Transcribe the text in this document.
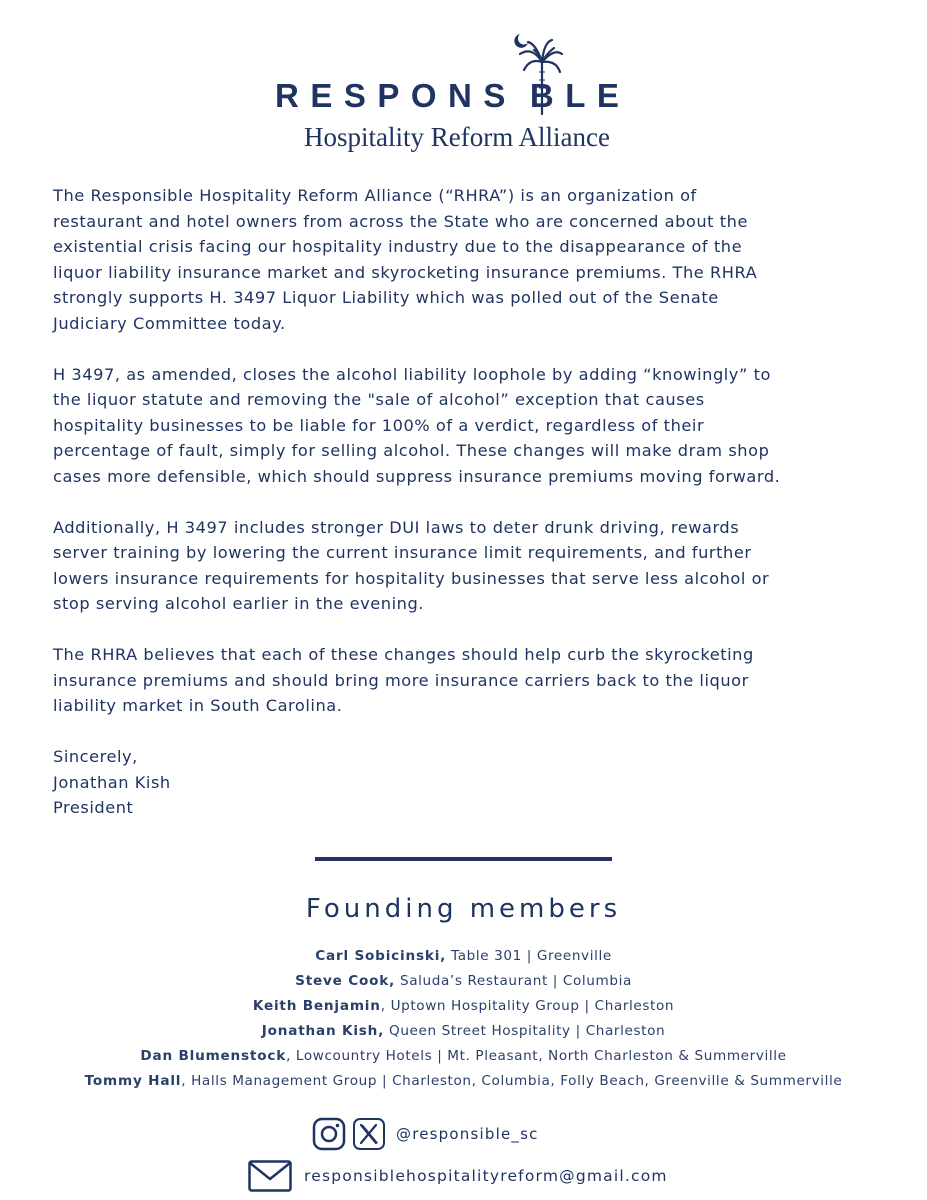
RESPONS BLE
Hospitality Reform Alliance

The Responsible Hospitality Reform Alliance (“RHRA”) is an organization of
restaurant and hotel owners from across the State who are concerned about the
existential crisis facing our hospitality industry due to the disappearance of the
liquor liability insurance market and skyrocketing insurance premiums. The RHRA
strongly supports H. 3497 Liquor Liability which was polled out of the Senate
Judiciary Committee today.

H 3497, as amended, closes the alcohol liability loophole by adding “knowingly” to
the liquor statute and removing the "sale of alcohol” exception that causes
hospitality businesses to be liable for 100% of a verdict, regardless of their
percentage of fault, simply for selling alcohol. These changes will make dram shop
cases more defensible, which should suppress insurance premiums moving forward.

Additionally, H 3497 includes stronger DUI laws to deter drunk driving, rewards
server training by lowering the current insurance limit requirements, and further
lowers insurance requirements for hospitality businesses that serve less alcohol or
stop serving alcohol earlier in the evening.

The RHRA believes that each of these changes should help curb the skyrocketing
insurance premiums and should bring more insurance carriers back to the liquor
liability market in South Carolina.

Sincerely,
Jonathan Kish
President
Founding members
Carl Sobicinski, Table 301 | Greenville
Steve Cook, Saluda’s Restaurant | Columbia
Keith Benjamin, Uptown Hospitality Group | Charleston
Jonathan Kish, Queen Street Hospitality | Charleston
Dan Blumenstock, Lowcountry Hotels | Mt. Pleasant, North Charleston & Summerville
Tommy Hall, Halls Management Group | Charleston, Columbia, Folly Beach, Greenville & Summerville
@responsible_sc
responsiblehospitalityreform@gmail.com
